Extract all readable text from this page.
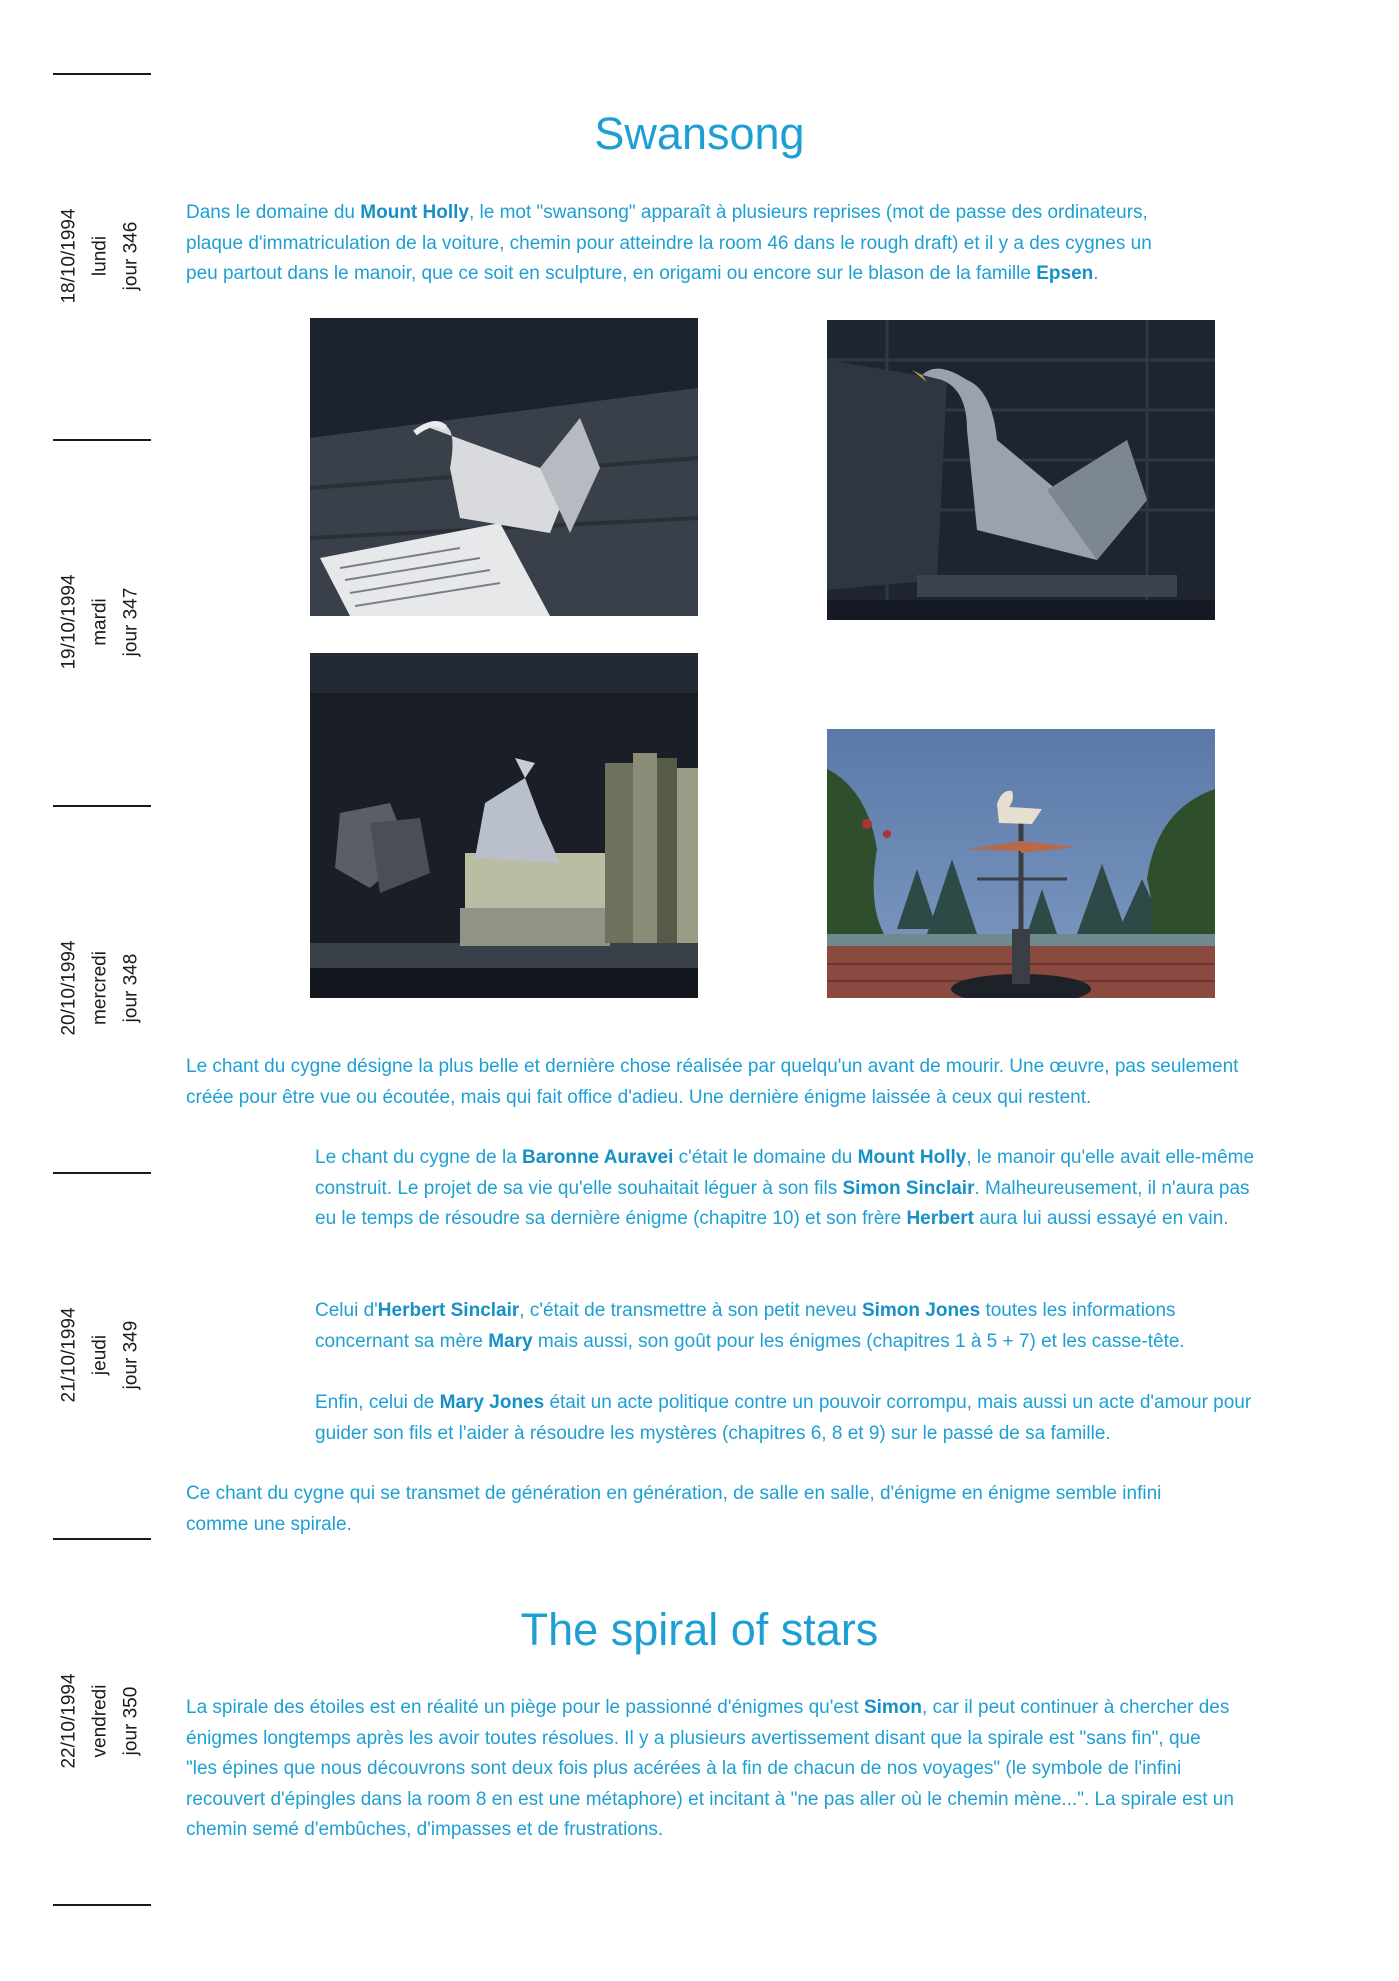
18/10/1994 lundi jour 346
19/10/1994 mardi jour 347
20/10/1994 mercredi jour 348
21/10/1994 jeudi jour 349
22/10/1994 vendredi jour 350
Swansong
Dans le domaine du Mount Holly, le mot "swansong" apparaît à plusieurs reprises (mot de passe des ordinateurs, plaque d'immatriculation de la voiture, chemin pour atteindre la room 46 dans le rough draft) et il y a des cygnes un peu partout dans le manoir, que ce soit en sculpture, en origami ou encore sur le blason de la famille Epsen.
Le chant du cygne désigne la plus belle et dernière chose réalisée par quelqu'un avant de mourir. Une œuvre, pas seulement créée pour être vue ou écoutée, mais qui fait office d'adieu. Une dernière énigme laissée à ceux qui restent.
Le chant du cygne de la Baronne Auravei c'était le domaine du Mount Holly, le manoir qu'elle avait elle-même construit. Le projet de sa vie qu'elle souhaitait léguer à son fils Simon Sinclair. Malheureusement, il n'aura pas eu le temps de résoudre sa dernière énigme (chapitre 10) et son frère Herbert aura lui aussi essayé en vain.
Celui d'Herbert Sinclair, c'était de transmettre à son petit neveu Simon Jones toutes les informations concernant sa mère Mary mais aussi, son goût pour les énigmes (chapitres 1 à 5 + 7) et les casse-tête.
Enfin, celui de Mary Jones était un acte politique contre un pouvoir corrompu, mais aussi un acte d'amour pour guider son fils et l'aider à résoudre les mystères (chapitres 6, 8 et 9) sur le passé de sa famille.
Ce chant du cygne qui se transmet de génération en génération, de salle en salle, d'énigme en énigme semble infini comme une spirale.
The spiral of stars
La spirale des étoiles est en réalité un piège pour le passionné d'énigmes qu'est Simon, car il peut continuer à chercher des énigmes longtemps après les avoir toutes résolues. Il y a plusieurs avertissement disant que la spirale est "sans fin", que "les épines que nous découvrons sont deux fois plus acérées à la fin de chacun de nos voyages" (le symbole de l'infini recouvert d'épingles dans la room 8 en est une métaphore) et incitant à "ne pas aller où le chemin mène...". La spirale est un chemin semé d'embûches, d'impasses et de frustrations.
